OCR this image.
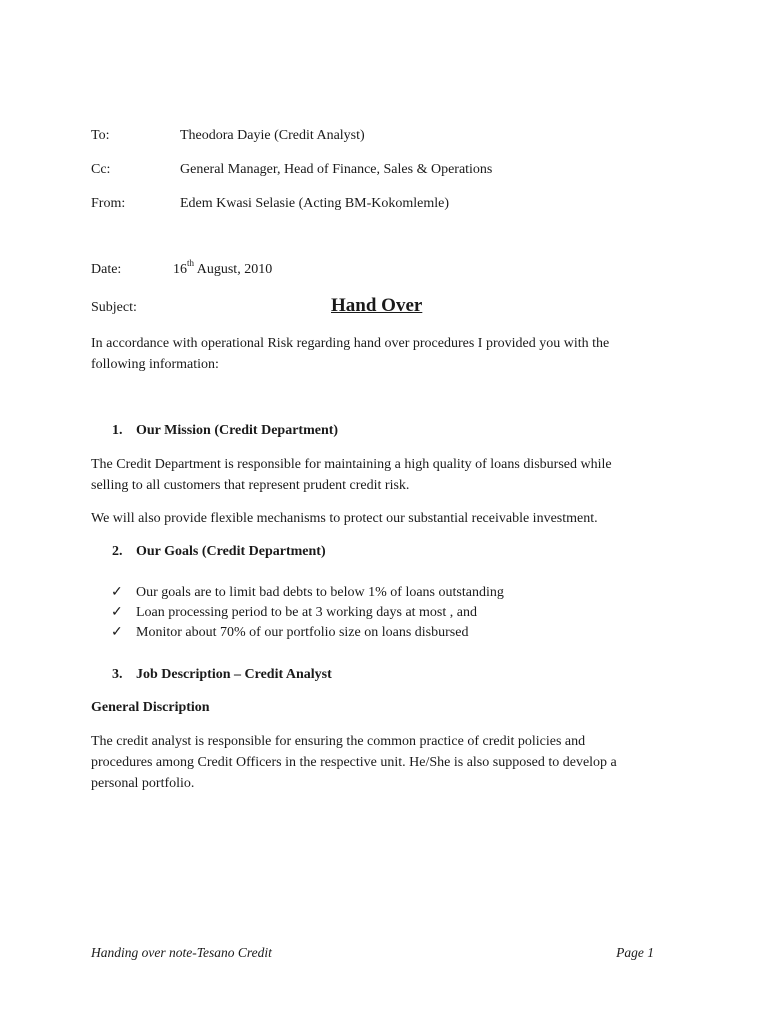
To:	Theodora Dayie (Credit Analyst)
Cc:	General Manager, Head of Finance, Sales & Operations
From:	Edem Kwasi Selasie (Acting BM-Kokomlemle)
Date:	16th August, 2010
Subject:	Hand Over
In accordance with operational Risk regarding hand over procedures I provided you with the
following information:
1. Our Mission (Credit Department)
The Credit Department is responsible for maintaining a high quality of loans disbursed while
selling to all customers that represent prudent credit risk.
We will also provide flexible mechanisms to protect our substantial receivable investment.
2. Our Goals (Credit Department)
✓ Our goals are to limit bad debts to below 1% of loans outstanding
✓ Loan processing period to be at 3 working days at most , and
✓ Monitor about 70% of our portfolio size on loans disbursed
3. Job Description – Credit Analyst
General Discription
The credit analyst is responsible for ensuring the common practice of credit policies and
procedures among Credit Officers in the respective unit. He/She is also supposed to develop a
personal portfolio.
Handing over note-Tesano Credit	Page 1
